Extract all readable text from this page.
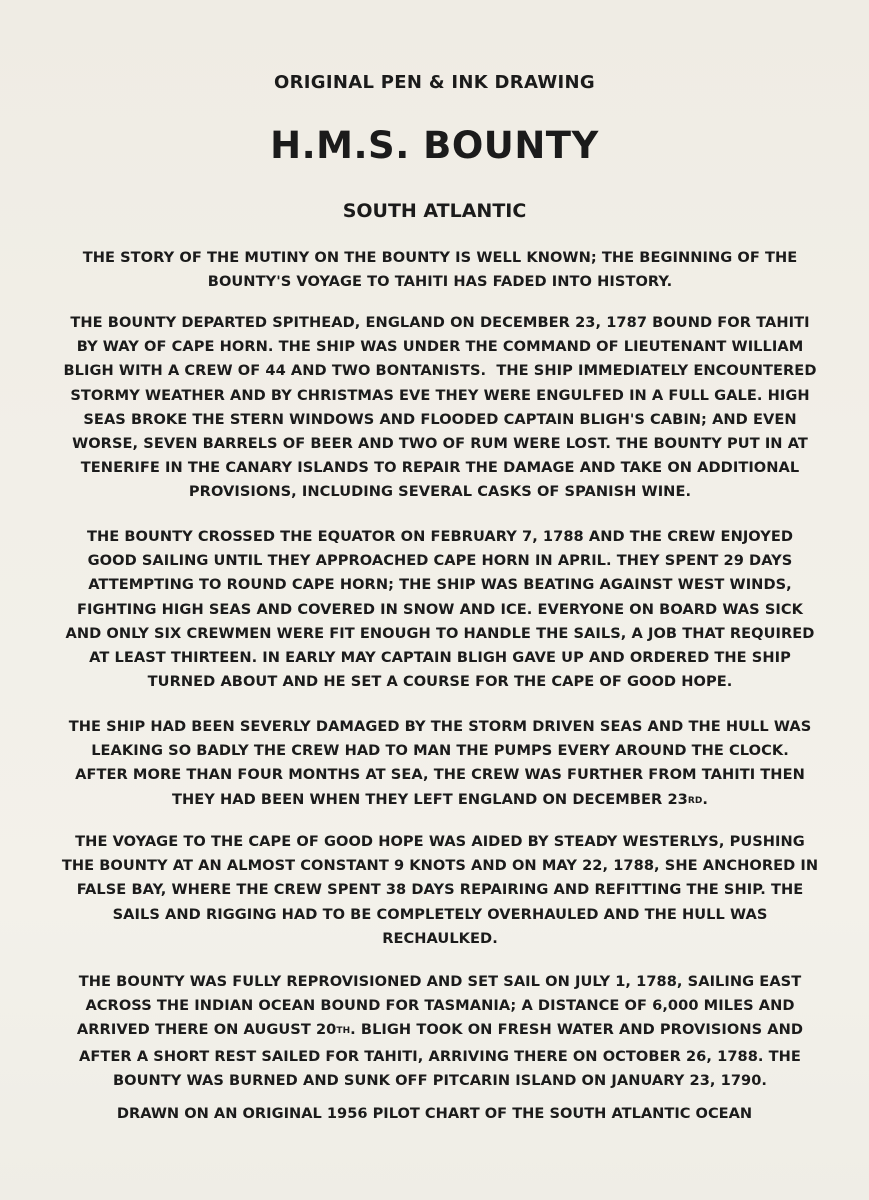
ORIGINAL PEN & INK DRAWING
H.M.S. BOUNTY
SOUTH ATLANTIC
THE STORY OF THE MUTINY ON THE BOUNTY IS WELL KNOWN; THE BEGINNING OF THE
BOUNTY'S VOYAGE TO TAHITI HAS FADED INTO HISTORY.
THE BOUNTY DEPARTED SPITHEAD, ENGLAND ON DECEMBER 23, 1787 BOUND FOR TAHITI
BY WAY OF CAPE HORN. THE SHIP WAS UNDER THE COMMAND OF LIEUTENANT WILLIAM
BLIGH WITH A CREW OF 44 AND TWO BONTANISTS.  THE SHIP IMMEDIATELY ENCOUNTERED
STORMY WEATHER AND BY CHRISTMAS EVE THEY WERE ENGULFED IN A FULL GALE. HIGH
SEAS BROKE THE STERN WINDOWS AND FLOODED CAPTAIN BLIGH'S CABIN; AND EVEN
WORSE, SEVEN BARRELS OF BEER AND TWO OF RUM WERE LOST. THE BOUNTY PUT IN AT
TENERIFE IN THE CANARY ISLANDS TO REPAIR THE DAMAGE AND TAKE ON ADDITIONAL
PROVISIONS, INCLUDING SEVERAL CASKS OF SPANISH WINE.
THE BOUNTY CROSSED THE EQUATOR ON FEBRUARY 7, 1788 AND THE CREW ENJOYED
GOOD SAILING UNTIL THEY APPROACHED CAPE HORN IN APRIL. THEY SPENT 29 DAYS
ATTEMPTING TO ROUND CAPE HORN; THE SHIP WAS BEATING AGAINST WEST WINDS,
FIGHTING HIGH SEAS AND COVERED IN SNOW AND ICE. EVERYONE ON BOARD WAS SICK
AND ONLY SIX CREWMEN WERE FIT ENOUGH TO HANDLE THE SAILS, A JOB THAT REQUIRED
AT LEAST THIRTEEN. IN EARLY MAY CAPTAIN BLIGH GAVE UP AND ORDERED THE SHIP
TURNED ABOUT AND HE SET A COURSE FOR THE CAPE OF GOOD HOPE.
THE SHIP HAD BEEN SEVERLY DAMAGED BY THE STORM DRIVEN SEAS AND THE HULL WAS
LEAKING SO BADLY THE CREW HAD TO MAN THE PUMPS EVERY AROUND THE CLOCK.
AFTER MORE THAN FOUR MONTHS AT SEA, THE CREW WAS FURTHER FROM TAHITI THEN
THEY HAD BEEN WHEN THEY LEFT ENGLAND ON DECEMBER 23RD.
THE VOYAGE TO THE CAPE OF GOOD HOPE WAS AIDED BY STEADY WESTERLYS, PUSHING
THE BOUNTY AT AN ALMOST CONSTANT 9 KNOTS AND ON MAY 22, 1788, SHE ANCHORED IN
FALSE BAY, WHERE THE CREW SPENT 38 DAYS REPAIRING AND REFITTING THE SHIP. THE
SAILS AND RIGGING HAD TO BE COMPLETELY OVERHAULED AND THE HULL WAS
RECHAULKED.
THE BOUNTY WAS FULLY REPROVISIONED AND SET SAIL ON JULY 1, 1788, SAILING EAST
ACROSS THE INDIAN OCEAN BOUND FOR TASMANIA; A DISTANCE OF 6,000 MILES AND
ARRIVED THERE ON AUGUST 20TH. BLIGH TOOK ON FRESH WATER AND PROVISIONS AND
AFTER A SHORT REST SAILED FOR TAHITI, ARRIVING THERE ON OCTOBER 26, 1788. THE
BOUNTY WAS BURNED AND SUNK OFF PITCARIN ISLAND ON JANUARY 23, 1790.
DRAWN ON AN ORIGINAL 1956 PILOT CHART OF THE SOUTH ATLANTIC OCEAN
